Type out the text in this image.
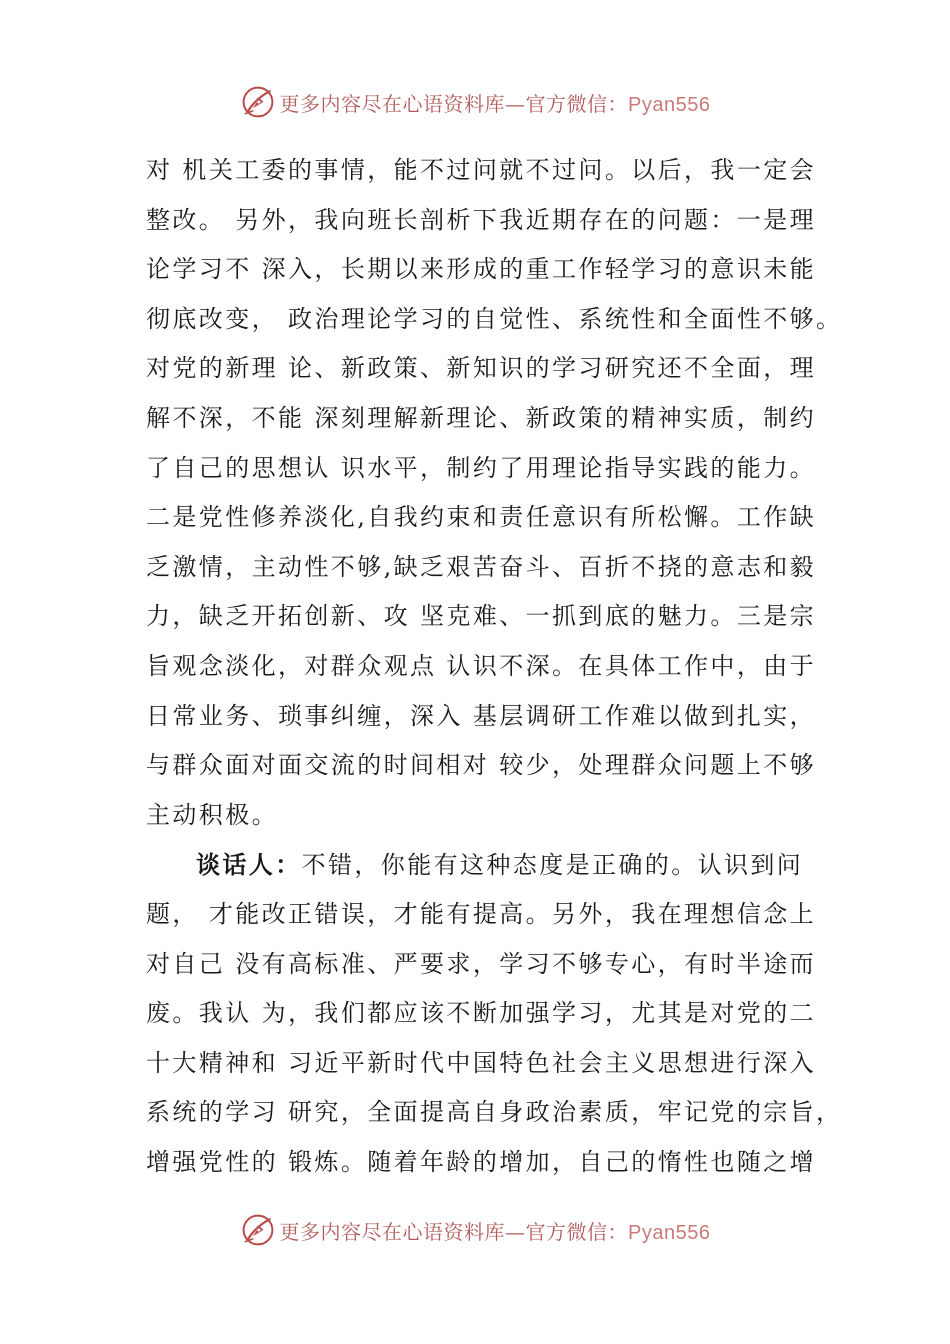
更多内容尽在心语资料库—官方微信：Pyan556
对 机关工委的事情，能不过问就不过问。以后，我一定会
整改。 另外，我向班长剖析下我近期存在的问题：一是理
论学习不 深入，长期以来形成的重工作轻学习的意识未能
彻底改变， 政治理论学习的自觉性、系统性和全面性不够。
对党的新理 论、新政策、新知识的学习研究还不全面，理
解不深，不能 深刻理解新理论、新政策的精神实质，制约
了自己的思想认 识水平，制约了用理论指导实践的能力。
二是党性修养淡化,自我约束和责任意识有所松懈。工作缺
乏激情，主动性不够,缺乏艰苦奋斗、百折不挠的意志和毅
力，缺乏开拓创新、攻 坚克难、一抓到底的魅力。三是宗
旨观念淡化，对群众观点 认识不深。在具体工作中，由于
日常业务、琐事纠缠，深入 基层调研工作难以做到扎实，
与群众面对面交流的时间相对 较少，处理群众问题上不够
主动积极。
谈话人：不错，你能有这种态度是正确的。认识到问
题， 才能改正错误，才能有提高。另外，我在理想信念上
对自己 没有高标准、严要求，学习不够专心，有时半途而
废。我认 为，我们都应该不断加强学习，尤其是对党的二
十大精神和 习近平新时代中国特色社会主义思想进行深入
系统的学习 研究，全面提高自身政治素质，牢记党的宗旨，
增强党性的 锻炼。随着年龄的增加，自己的惰性也随之增
更多内容尽在心语资料库—官方微信：Pyan556
